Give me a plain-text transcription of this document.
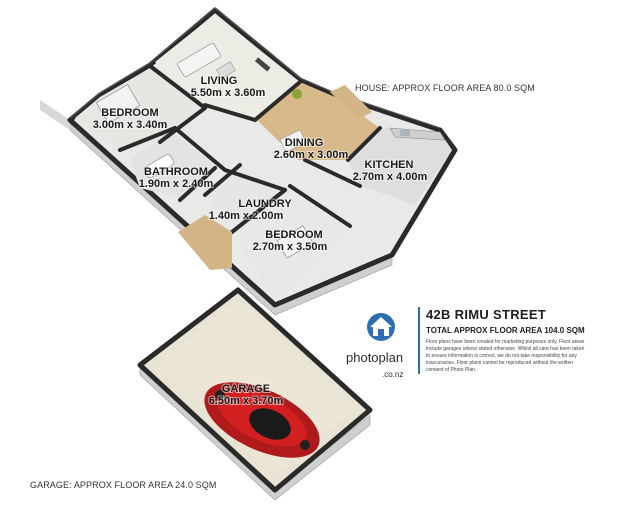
LIVING
5.50m x 3.60m
BEDROOM
3.00m x 3.40m
DINING
2.60m x 3.00m
KITCHEN
2.70m x 4.00m
BATHROOM
1.90m x 2.40m
LAUNDRY
1.40m x 2.00m
BEDROOM
2.70m x 3.50m
GARAGE
6.50m x 3.70m
HOUSE: APPROX FLOOR AREA 80.0 SQM
GARAGE: APPROX FLOOR AREA 24.0 SQM
photoplan
.co.nz

42B RIMU STREET

TOTAL APPROX FLOOR AREA 104.0 SQM

Floor plans have been created for marketing purposes only. Floor areas include garages unless stated otherwise. Whilst all care has been taken to ensure information is correct, we do not take responsibility for any inaccuracies. Floor plans cannot be reproduced without the written consent of Photo Plan.
